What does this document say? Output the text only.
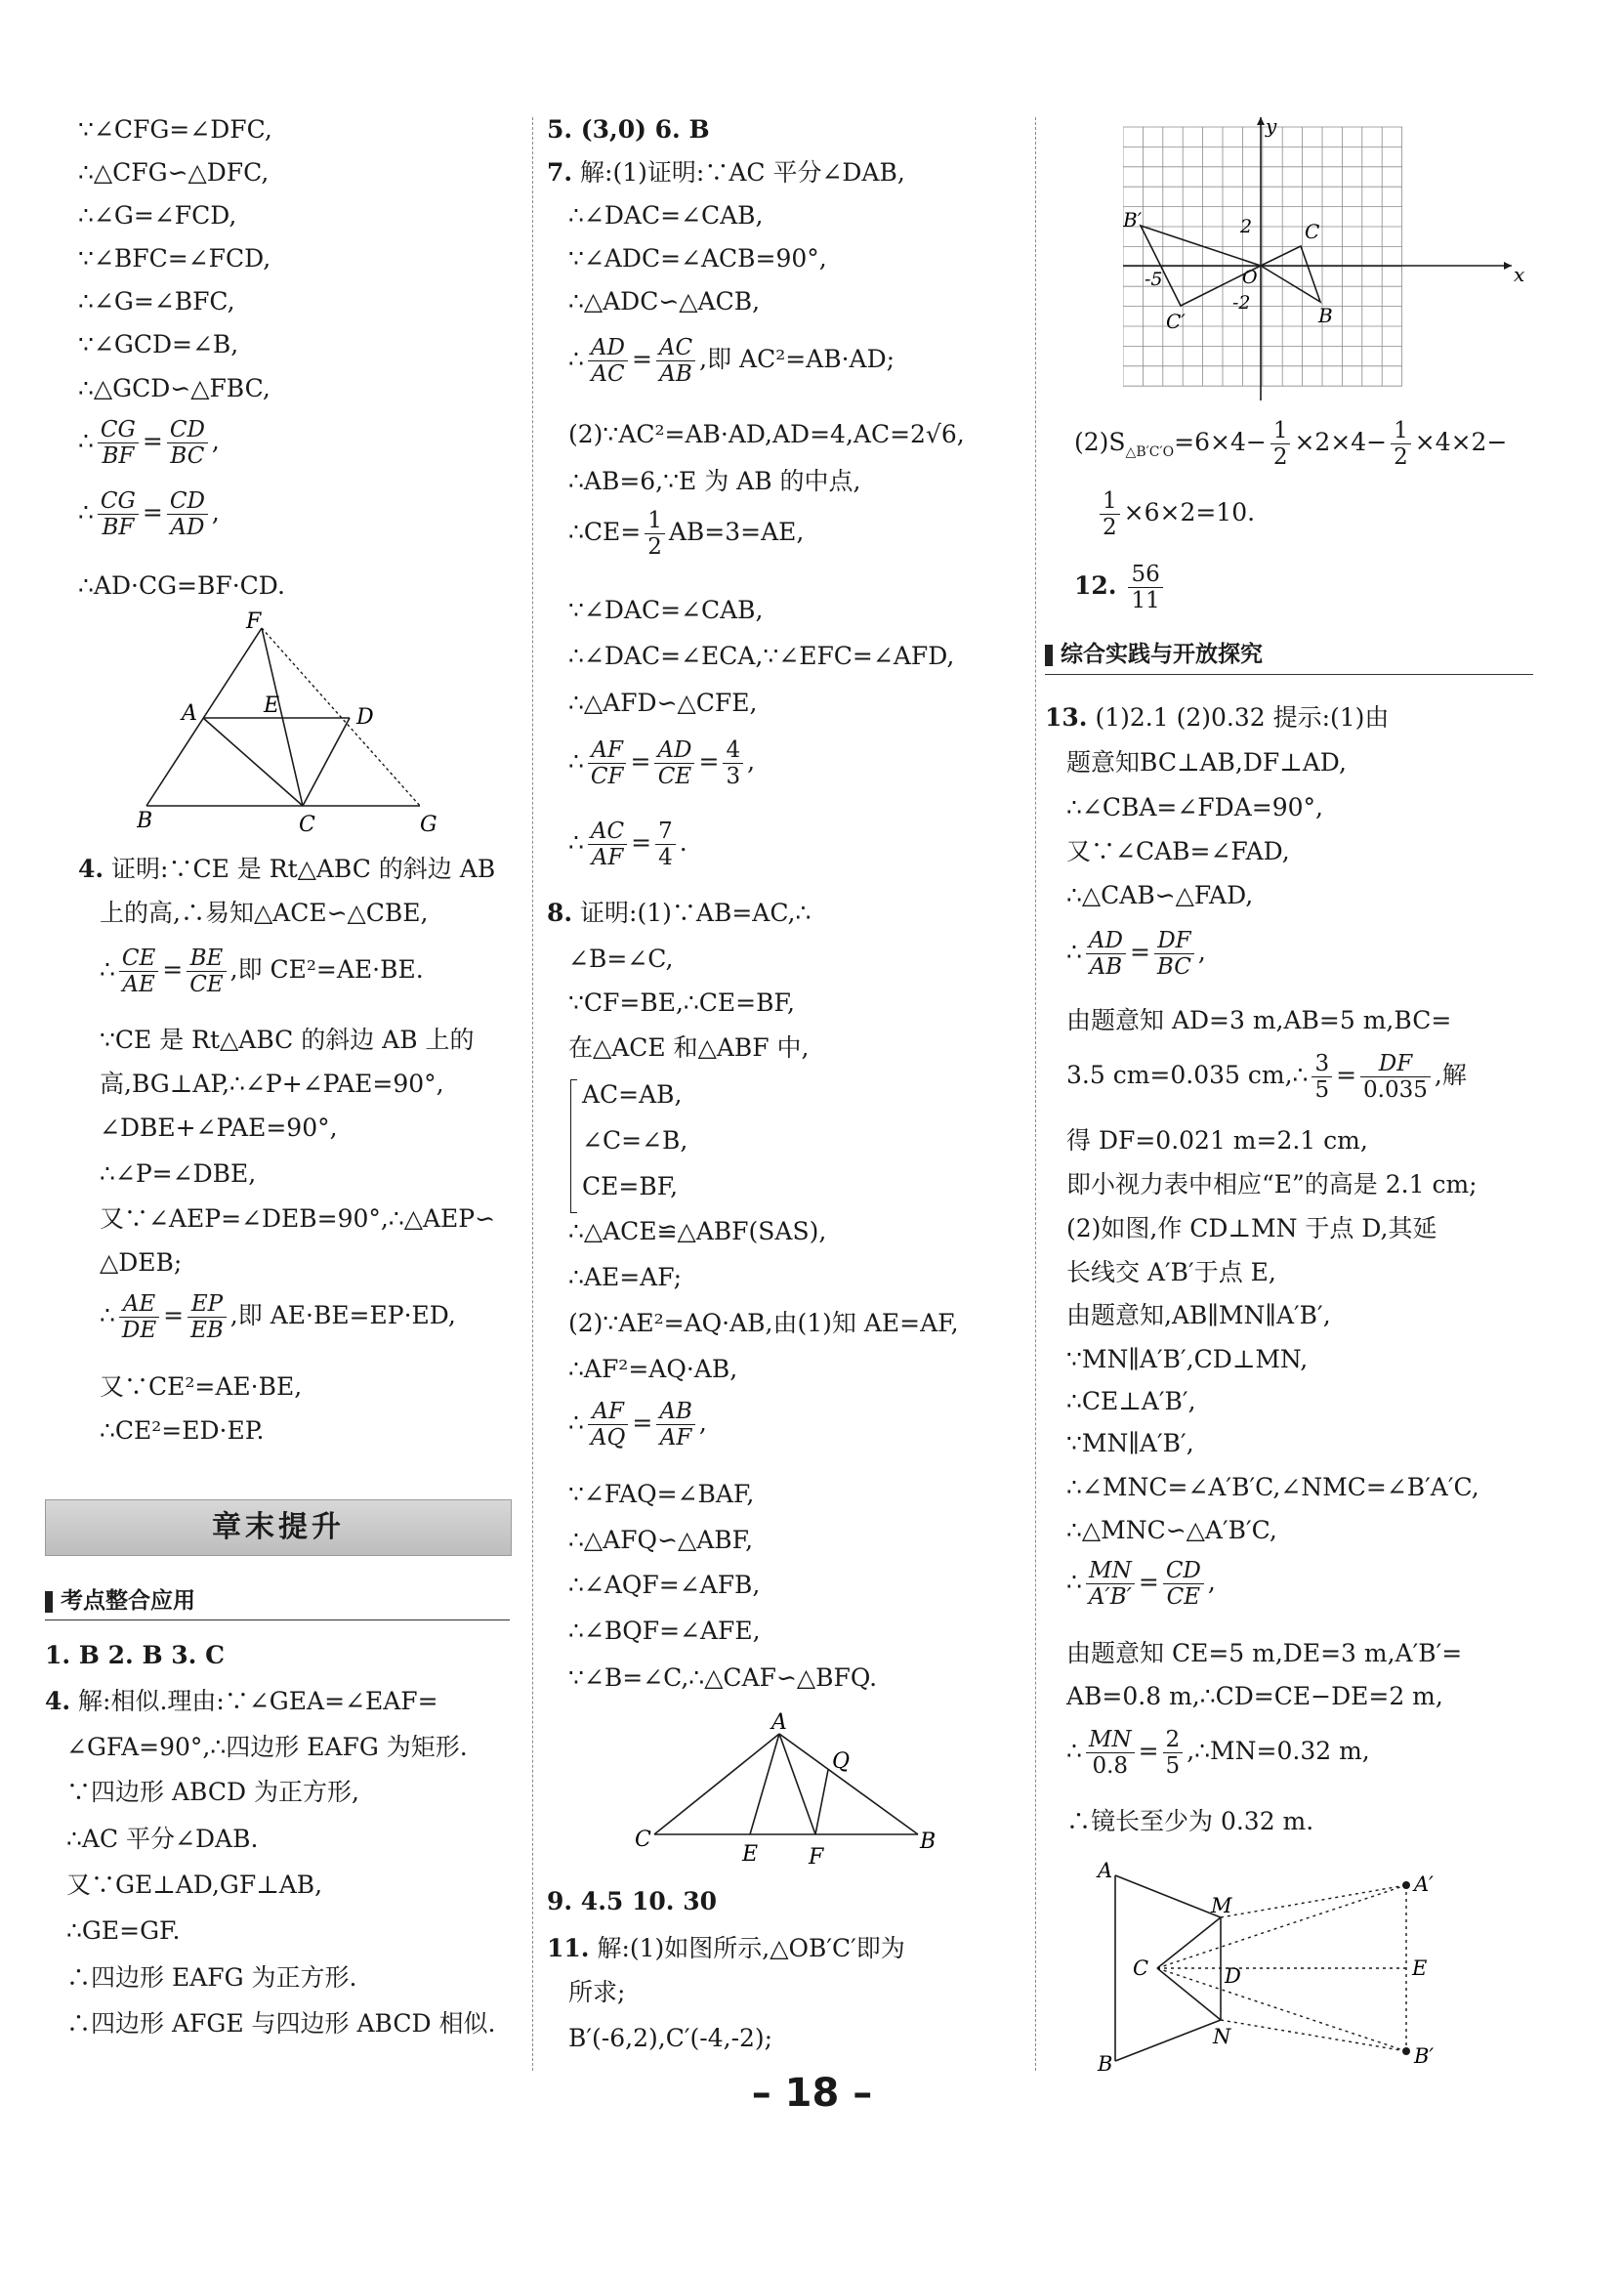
∵∠CFG=∠DFC,
∴△CFG∽△DFC,
∴∠G=∠FCD,
∵∠BFC=∠FCD,
∴∠G=∠BFC,
∵∠GCD=∠B,
∴△GCD∽△FBC,
∴ $\frac{CG}{BF} = \frac{CD}{BC}$ ,
∴ $\frac{CG}{BF} = \frac{CD}{AD}$ ,
∴AD·CG=BF·CD.
F
A	E	D
B	C	G
4. 证明:∵CE 是 Rt△ABC 的斜边 AB
上的高,∴易知△ACE∽△CBE,
∴ $\frac{CE}{AE} = \frac{BE}{CE}$ ,即 CE²=AE·BE.
∵CE 是 Rt△ABC 的斜边 AB 上的
高,BG⊥AP,∴∠P+∠PAE=90°,
∠DBE+∠PAE=90°,
∴∠P=∠DBE,
又∵∠AEP=∠DEB=90°,∴△AEP∽
△DEB;
∴ $\frac{AE}{DE} = \frac{EP}{EB}$ ,即 AE·BE=EP·ED,
又∵CE²=AE·BE,
∴CE²=ED·EP.
章末提升
考点整合应用
1. B 2. B 3. C
4. 解:相似.理由:∵∠GEA=∠EAF=
∠GFA=90°,∴四边形 EAFG 为矩形.
∵四边形 ABCD 为正方形,
∴AC 平分∠DAB.
又∵GE⊥AD,GF⊥AB,
∴GE=GF.
∴四边形 EAFG 为正方形.
∴四边形 AFGE 与四边形 ABCD 相似.
5. (3,0) 6. B
7. 解:(1)证明:∵AC 平分∠DAB,
∴∠DAC=∠CAB,
∵∠ADC=∠ACB=90°,
∴△ADC∽△ACB,
∴ $\frac{AD}{AC} = \frac{AC}{AB}$ ,即 AC²=AB·AD;
(2)∵AC²=AB·AD,AD=4,AC=2√6,
∴AB=6,∵E 为 AB 的中点,
∴CE= $\frac{1}{2} AB=3=AE$,
∵∠DAC=∠CAB,
∴∠DAC=∠ECA,∵∠EFC=∠AFD,
∴△AFD∽△CFE,
∴ $\frac{AF}{CF} = \frac{AD}{CE} = \frac{4}{3}$ ,
∴ $\frac{AC}{AF} = \frac{7}{4}$ .
8. 证明:(1)∵AB=AC,∴
∠B=∠C,
∵CF=BE,∴CE=BF,
在△ACE 和△ABF 中,
AC=AB,
∠C=∠B,
CE=BF,
∴△ACE≌△ABF(SAS),
∴AE=AF;
(2)∵AE²=AQ·AB,由(1)知 AE=AF,
∴AF²=AQ·AB,
∴ $\frac{AF}{AQ} = \frac{AB}{AF}$ ,
∵∠FAQ=∠BAF,
∴△AFQ∽△ABF,
∴∠AQF=∠AFB,
∴∠BQF=∠AFE,
∵∠B=∠C,∴△CAF∽△BFQ.
A
Q
C
E F
B
9. 4.5 10. 30
11. 解:(1)如图所示,△OB′C′即为
所求;
B′(-6,2),C′(-4,-2);
y
x
B′	C
2
O
-5
-2
B
C′
$(2)S_{\triangle B'C'O}=6\times 4- \frac{1}{2} \times 2\times 4- \frac{1}{2} \times 4\times 2-$
$\frac{1}{2} \times 6\times 2=10$.
12. $\frac{56}{11}$
综合实践与开放探究
13. (1)2.1 (2)0.32 提示:(1)由
题意知BC⊥AB,DF⊥AD,
∴∠CBA=∠FDA=90°,
又∵∠CAB=∠FAD,
∴△CAB∽△FAD,
∴ $\frac{AD}{AB} = \frac{DF}{BC}$ ,
由题意知 AD=3 m,AB=5 m,BC=
3.5 cm=0.035 cm,∴ $\frac{3}{5} = \frac{DF}{0.035}$ ,解
得 DF=0.021 m=2.1 cm,
即小视力表中相应“E”的高是 2.1 cm;
(2)如图,作 CD⊥MN 于点 D,其延
长线交 A′B′于点 E,
由题意知,AB∥MN∥A′B′,
∵MN∥A′B′,CD⊥MN,
∴CE⊥A′B′,
∵MN∥A′B′,
∴∠MNC=∠A′B′C,∠NMC=∠B′A′C,
∴△MNC∽△A′B′C,
∴ $\frac{MN}{A'B'} = \frac{CD}{CE}$ ,
由题意知 CE=5 m,DE=3 m,A′B′=
AB=0.8 m,∴CD=CE−DE=2 m,
∴ $\frac{MN}{0.8} = \frac{2}{5}$ ,∴MN=0.32 m,
∴镜长至少为 0.32 m.
A
A′
M
C	D	E
N
B	B′
– 18 –
